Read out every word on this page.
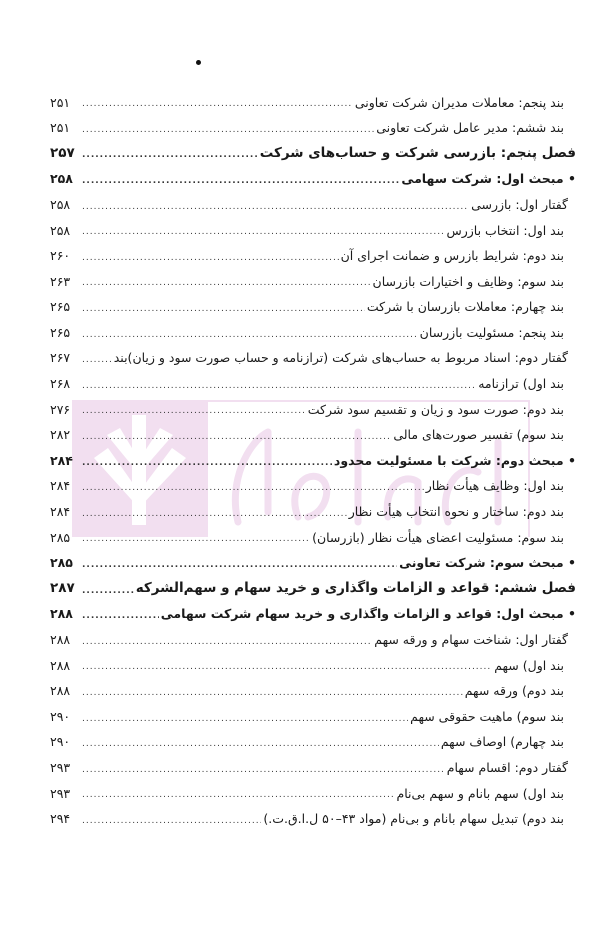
بند پنجم: معاملات مدیران شرکت تعاونی
.....
۲۵۱
بند ششم: مدیر عامل شرکت تعاونی
.....
۲۵۱
فصل پنجم: بازرسی شرکت و حساب‌های شرکت
.....
۲۵۷
• مبحث اول: شرکت سهامی
.....
۲۵۸
گفتار اول: بازرسی
.....
۲۵۸
بند اول: انتخاب بازرس
.....
۲۵۸
بند دوم: شرایط بازرس و ضمانت اجرای آن
.....
۲۶۰
بند سوم: وظایف و اختیارات بازرسان
.....
۲۶۳
بند چهارم: معاملات بازرسان با شرکت
.....
۲۶۵
بند پنجم: مسئولیت بازرسان
.....
۲۶۵
گفتار دوم: اسناد مربوط به حساب‌های شرکت (ترازنامه و حساب صورت سود و زیان)بند
.....
۲۶۷
بند اول) ترازنامه
.....
۲۶۸
بند دوم: صورت سود و زیان و تقسیم سود شرکت
.....
۲۷۶
بند سوم) تفسیر صورت‌های مالی
.....
۲۸۲
• مبحث دوم: شرکت با مسئولیت محدود
.....
۲۸۴
بند اول: وظایف هیأت نظار
.....
۲۸۴
بند دوم: ساختار و نحوه انتخاب هیأت نظار
.....
۲۸۴
بند سوم: مسئولیت اعضای هیأت نظار (بازرسان)
.....
۲۸۵
• مبحث سوم: شرکت تعاونی
.....
۲۸۵
فصل ششم: قواعد و الزامات واگذاری و خرید سهام و سهم‌الشرکه
.....
۲۸۷
• مبحث اول: قواعد و الزامات واگذاری و خرید سهام شرکت سهامی
.....
۲۸۸
گفتار اول: شناخت سهام و ورقه سهم
.....
۲۸۸
بند اول) سهم
.....
۲۸۸
بند دوم) ورقه سهم
.....
۲۸۸
بند سوم) ماهیت حقوقی سهم
.....
۲۹۰
بند چهارم) اوصاف سهم
.....
۲۹۰
گفتار دوم: اقسام سهام
.....
۲۹۳
بند اول) سهم بانام و سهم بی‌نام
.....
۲۹۳
بند دوم) تبدیل سهام بانام و بی‌نام (مواد ۴۳–۵۰ ل.ا.ق.ت.)
.....
۲۹۴
